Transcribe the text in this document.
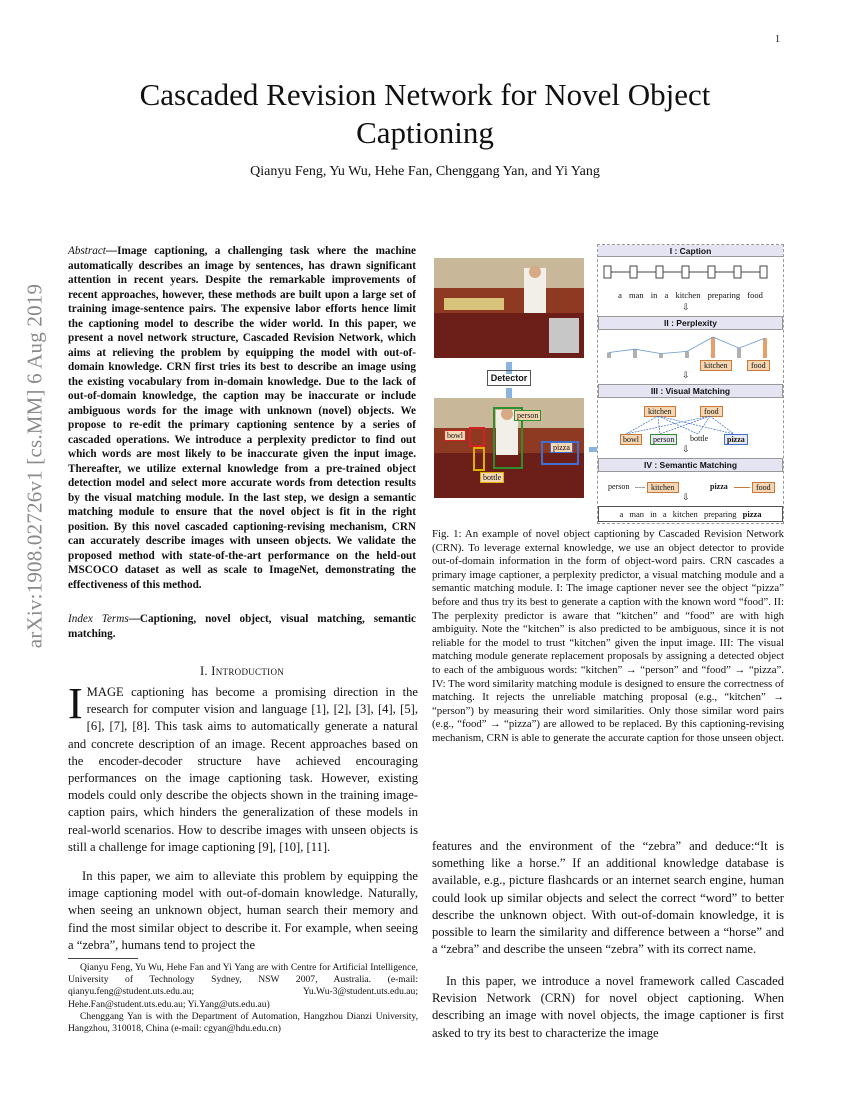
1
arXiv:1908.02726v1 [cs.MM] 6 Aug 2019
Cascaded Revision Network for Novel Object Captioning
Qianyu Feng, Yu Wu, Hehe Fan, Chenggang Yan, and Yi Yang
Abstract—Image captioning, a challenging task where the machine automatically describes an image by sentences, has drawn significant attention in recent years. Despite the remarkable improvements of recent approaches, however, these methods are built upon a large set of training image-sentence pairs. The expensive labor efforts hence limit the captioning model to describe the wider world. In this paper, we present a novel network structure, Cascaded Revision Network, which aims at relieving the problem by equipping the model with out-of-domain knowledge. CRN first tries its best to describe an image using the existing vocabulary from in-domain knowledge. Due to the lack of out-of-domain knowledge, the caption may be inaccurate or include ambiguous words for the image with unknown (novel) objects. We propose to re-edit the primary captioning sentence by a series of cascaded operations. We introduce a perplexity predictor to find out which words are most likely to be inaccurate given the input image. Thereafter, we utilize external knowledge from a pre-trained object detection model and select more accurate words from detection results by the visual matching module. In the last step, we design a semantic matching module to ensure that the novel object is fit in the right position. By this novel cascaded captioning-revising mechanism, CRN can accurately describe images with unseen objects. We validate the proposed method with state-of-the-art performance on the held-out MSCOCO dataset as well as scale to ImageNet, demonstrating the effectiveness of this method.
Index Terms—Captioning, novel object, visual matching, semantic matching.
I. Introduction
IMAGE captioning has become a promising direction in the research for computer vision and language [1], [2], [3], [4], [5], [6], [7], [8]. This task aims to automatically generate a natural and concrete description of an image. Recent approaches based on the encoder-decoder structure have achieved encouraging performances on the image captioning task. However, existing models could only describe the objects shown in the training image-caption pairs, which hinders the generalization of these models in real-world scenarios. How to describe images with unseen objects is still a challenge for image captioning [9], [10], [11].
In this paper, we aim to alleviate this problem by equipping the image captioning model with out-of-domain knowledge. Naturally, when seeing an unknown object, human search their memory and find the most similar object to describe it. For example, when seeing a “zebra”, humans tend to project the

Qianyu Feng, Yu Wu, Hehe Fan and Yi Yang are with Centre for Artificial Intelligence, University of Technology Sydney, NSW 2007, Australia. (e-mail: qianyu.feng@student.uts.edu.au; Yu.Wu-3@student.uts.edu.au; Hehe.Fan@student.uts.edu.au; Yi.Yang@uts.edu.au)

Chenggang Yan is with the Department of Automation, Hangzhou Dianzi University, Hangzhou, 310018, China (e-mail: cgyan@hdu.edu.cn)

Detector
person
bowl
pizza
bottle
I : Caption
a man in a kitchen preparing food
⇩
II : Perplexity
kitchen	food
⇩
III : Visual Matching
kitchen	food
bowl	person	bottle	pizza
⇩
IV : Semantic Matching
person	kitchen	pizza	food
⇩
a man in a kitchen preparing pizza
Fig. 1: An example of novel object captioning by Cascaded Revision Network (CRN). To leverage external knowledge, we use an object detector to provide out-of-domain information in the form of object-word pairs. CRN cascades a primary image captioner, a perplexity predictor, a visual matching module and a semantic matching module. I: The image captioner never see the object “pizza” before and thus try its best to generate a caption with the known word “food”. II: The perplexity predictor is aware that “kitchen” and “food” are with high ambiguity. Note the “kitchen” is also predicted to be ambiguous, since it is not reliable for the model to trust “kitchen” given the input image. III: The visual matching module generate replacement proposals by assigning a detected object to each of the ambiguous words: “kitchen” → “person” and “food” → “pizza”. IV: The word similarity matching module is designed to ensure the correctness of matching. It rejects the unreliable matching proposal (e.g., “kitchen” → “person”) by measuring their word similarities. Only those similar word pairs (e.g., “food” → “pizza”) are allowed to be replaced. By this captioning-revising mechanism, CRN is able to generate the accurate caption for those unseen object.
features and the environment of the “zebra” and deduce:“It is something like a horse.” If an additional knowledge database is available, e.g., picture flashcards or an internet search engine, human could look up similar objects and select the correct “word” to better describe the unknown object. With out-of-domain knowledge, it is possible to learn the similarity and difference between a “horse” and a “zebra” and describe the unseen “zebra” with its correct name.
In this paper, we introduce a novel framework called Cascaded Revision Network (CRN) for novel object captioning. When describing an image with novel objects, the image captioner is first asked to try its best to characterize the image
